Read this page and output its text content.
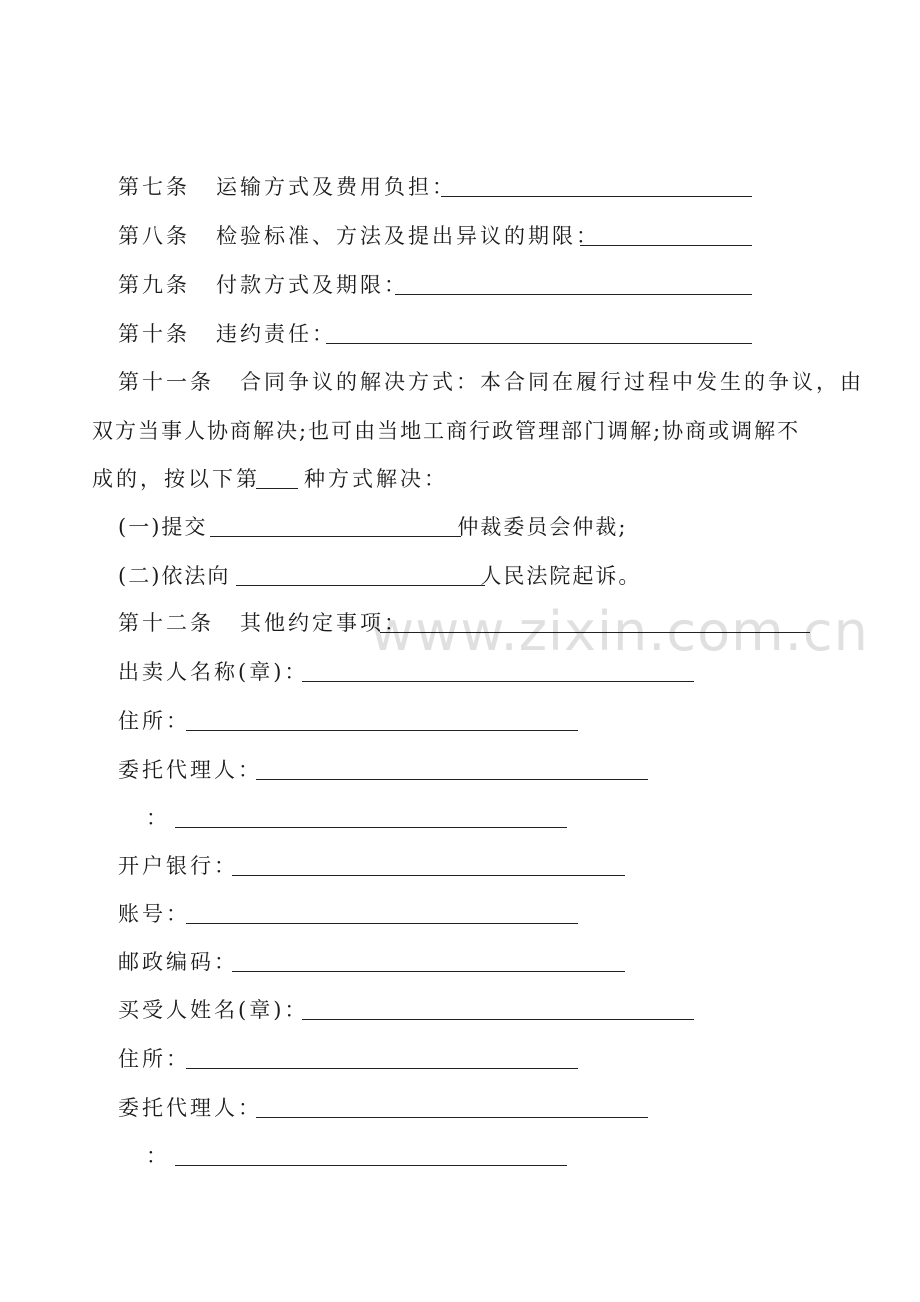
第七条 运输方式及费用负担：
第八条 检验标准、方法及提出异议的期限：
第九条 付款方式及期限：
第十条 违约责任：
第十一条 合同争议的解决方式：本合同在履行过程中发生的争议，由
双方当事人协商解决;也可由当地工商行政管理部门调解;协商或调解不
成的，按以下第 种方式解决：
(一)提交	仲裁委员会仲裁;
(二)依法向	人民法院起诉。
第十二条 其他约定事项：
出卖人名称(章)：
住所：
委托代理人：
：
开户银行：
账号：
邮政编码：
买受人姓名(章)：
住所：
委托代理人：
：
www.zixin.com.cn
